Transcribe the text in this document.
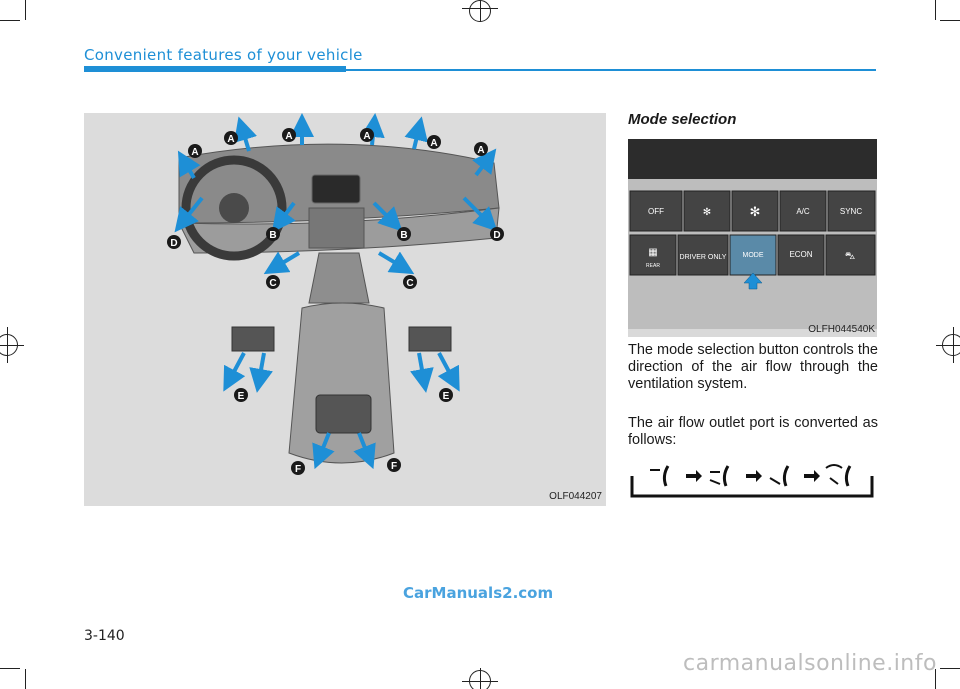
Convenient features of your vehicle
A	A	A
A
A	A
B	B
C	C
D
D
E	E
F	F
OLF044207
Mode selection
OFF	✻	✻	A/C	SYNC
▦
REAR
DRIVER ONLY MODE	ECON	⛍
OLFH044540K

The mode selection button controls the direction of the air flow through the ventilation system.

The air flow outlet port is converted as follows:

3-140
CarManuals2.com
carmanualsonline.info
